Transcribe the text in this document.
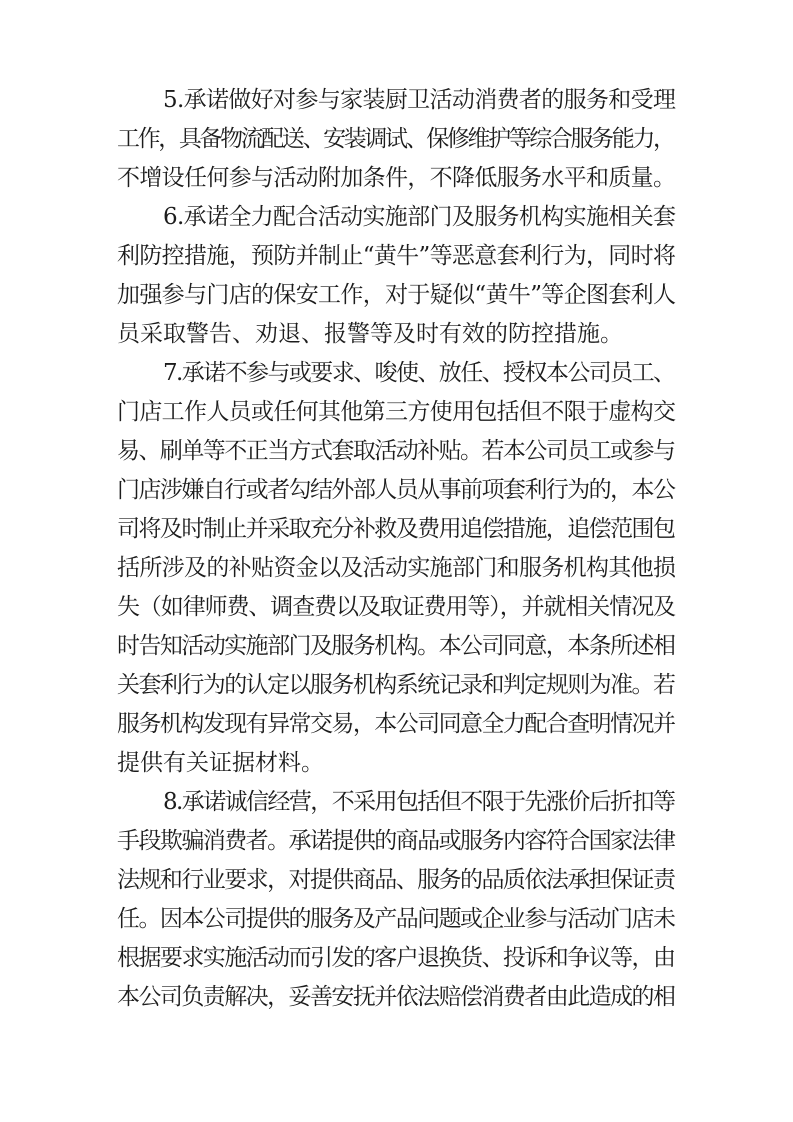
5.承诺做好对参与家装厨卫活动消费者的服务和受理
工作，具备物流配送、安装调试、保修维护等综合服务能力，
不增设任何参与活动附加条件，不降低服务水平和质量。
6.承诺全力配合活动实施部门及服务机构实施相关套
利防控措施，预防并制止“黄牛”等恶意套利行为，同时将
加强参与门店的保安工作，对于疑似“黄牛”等企图套利人
员采取警告、劝退、报警等及时有效的防控措施。
7.承诺不参与或要求、唆使、放任、授权本公司员工、
门店工作人员或任何其他第三方使用包括但不限于虚构交
易、刷单等不正当方式套取活动补贴。若本公司员工或参与
门店涉嫌自行或者勾结外部人员从事前项套利行为的，本公
司将及时制止并采取充分补救及费用追偿措施，追偿范围包
括所涉及的补贴资金以及活动实施部门和服务机构其他损
失（如律师费、调查费以及取证费用等），并就相关情况及
时告知活动实施部门及服务机构。本公司同意，本条所述相
关套利行为的认定以服务机构系统记录和判定规则为准。若
服务机构发现有异常交易，本公司同意全力配合查明情况并
提供有关证据材料。
8.承诺诚信经营，不采用包括但不限于先涨价后折扣等
手段欺骗消费者。承诺提供的商品或服务内容符合国家法律
法规和行业要求，对提供商品、服务的品质依法承担保证责
任。因本公司提供的服务及产品问题或企业参与活动门店未
根据要求实施活动而引发的客户退换货、投诉和争议等，由
本公司负责解决，妥善安抚并依法赔偿消费者由此造成的相
